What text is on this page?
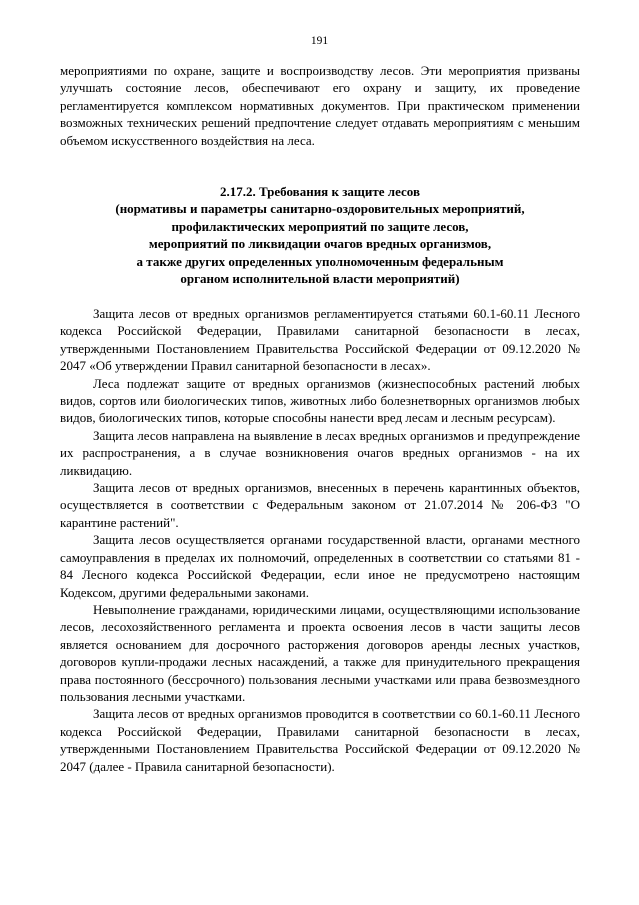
191

мероприятиями по охране, защите и воспроизводству лесов. Эти мероприятия призваны улучшать состояние лесов, обеспечивают его охрану и защиту, их проведение регламентируется комплексом нормативных документов. При практическом применении возможных технических решений предпочтение следует отдавать мероприятиям с меньшим объемом искусственного воздействия на леса.

2.17.2. Требования к защите лесов
(нормативы и параметры санитарно-оздоровительных мероприятий,
профилактических мероприятий по защите лесов,
мероприятий по ликвидации очагов вредных организмов,
а также других определенных уполномоченным федеральным
органом исполнительной власти мероприятий)

Защита лесов от вредных организмов регламентируется статьями 60.1-60.11 Лесного кодекса Российской Федерации, Правилами санитарной безопасности в лесах, утвержденными Постановлением Правительства Российской Федерации от 09.12.2020 № 2047 «Об утверждении Правил санитарной безопасности в лесах».

Леса подлежат защите от вредных организмов (жизнеспособных растений любых видов, сортов или биологических типов, животных либо болезнетворных организмов любых видов, биологических типов, которые способны нанести вред лесам и лесным ресурсам).

Защита лесов направлена на выявление в лесах вредных организмов и предупреждение их распространения, а в случае возникновения очагов вредных организмов - на их ликвидацию.

Защита лесов от вредных организмов, внесенных в перечень карантинных объектов, осуществляется в соответствии с Федеральным законом от 21.07.2014 № 206-ФЗ "О карантине растений".

Защита лесов осуществляется органами государственной власти, органами местного самоуправления в пределах их полномочий, определенных в соответствии со статьями 81 - 84 Лесного кодекса Российской Федерации, если иное не предусмотрено настоящим Кодексом, другими федеральными законами.

Невыполнение гражданами, юридическими лицами, осуществляющими использование лесов, лесохозяйственного регламента и проекта освоения лесов в части защиты лесов является основанием для досрочного расторжения договоров аренды лесных участков, договоров купли-продажи лесных насаждений, а также для принудительного прекращения права постоянного (бессрочного) пользования лесными участками или права безвозмездного пользования лесными участками.

Защита лесов от вредных организмов проводится в соответствии со 60.1-60.11 Лесного кодекса Российской Федерации, Правилами санитарной безопасности в лесах, утвержденными Постановлением Правительства Российской Федерации от 09.12.2020 № 2047 (далее - Правила санитарной безопасности).
